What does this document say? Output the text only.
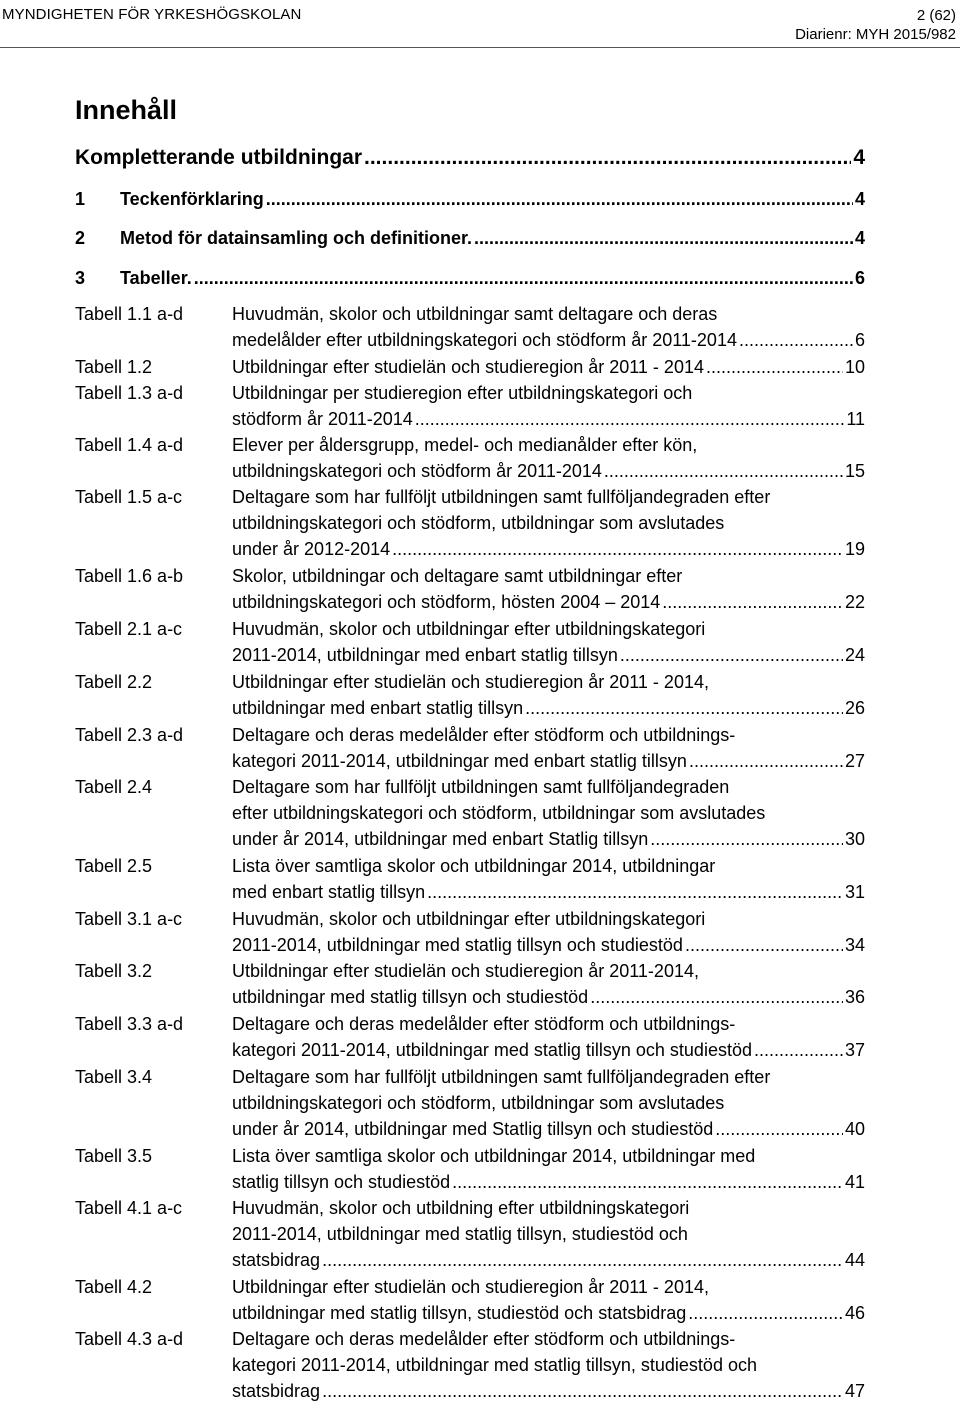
MYNDIGHETEN FÖR YRKESHÖGSKOLAN	2 (62)
Diarienr: MYH 2015/982
Innehåll
Kompletterande utbildningar .....	4
1 Teckenförklaring .....	4
2 Metod för datainsamling och definitioner. .....	4
3 Tabeller. .....	6
Tabell 1.1 a-d	Huvudmän, skolor och utbildningar samt deltagare och deras
medelålder efter utbildningskategori och stödform år 2011-2014 .....	6
Tabell 1.2	Utbildningar efter studielän och studieregion år 2011 - 2014 .....	10
Tabell 1.3 a-d	Utbildningar per studieregion efter utbildningskategori och
stödform år 2011-2014 .....	11
Tabell 1.4 a-d	Elever per åldersgrupp, medel- och medianålder efter kön,
utbildningskategori och stödform år 2011-2014 .....	15
Tabell 1.5 a-c	Deltagare som har fullföljt utbildningen samt fullföljandegraden efter
utbildningskategori och stödform, utbildningar som avslutades
under år 2012-2014 .....	19
Tabell 1.6 a-b	Skolor, utbildningar och deltagare samt utbildningar efter
utbildningskategori och stödform, hösten 2004 – 2014 .....	22
Tabell 2.1 a-c	Huvudmän, skolor och utbildningar efter utbildningskategori
2011-2014, utbildningar med enbart statlig tillsyn .....	24
Tabell 2.2	Utbildningar efter studielän och studieregion år 2011 - 2014,
utbildningar med enbart statlig tillsyn .....	26
Tabell 2.3 a-d	Deltagare och deras medelålder efter stödform och utbildnings-
kategori 2011-2014, utbildningar med enbart statlig tillsyn .....	27
Tabell 2.4	Deltagare som har fullföljt utbildningen samt fullföljandegraden
efter utbildningskategori och stödform, utbildningar som avslutades
under år 2014, utbildningar med enbart Statlig tillsyn .....	30
Tabell 2.5	Lista över samtliga skolor och utbildningar 2014, utbildningar
med enbart statlig tillsyn .....	31
Tabell 3.1 a-c	Huvudmän, skolor och utbildningar efter utbildningskategori
2011-2014, utbildningar med statlig tillsyn och studiestöd .....	34
Tabell 3.2	Utbildningar efter studielän och studieregion år 2011-2014,
utbildningar med statlig tillsyn och studiestöd .....	36
Tabell 3.3 a-d	Deltagare och deras medelålder efter stödform och utbildnings-
kategori 2011-2014, utbildningar med statlig tillsyn och studiestöd .....	37
Tabell 3.4	Deltagare som har fullföljt utbildningen samt fullföljandegraden efter
utbildningskategori och stödform, utbildningar som avslutades
under år 2014, utbildningar med Statlig tillsyn och studiestöd .....	40
Tabell 3.5	Lista över samtliga skolor och utbildningar 2014, utbildningar med
statlig tillsyn och studiestöd .....	41
Tabell 4.1 a-c	Huvudmän, skolor och utbildning efter utbildningskategori
2011-2014, utbildningar med statlig tillsyn, studiestöd och
statsbidrag .....	44
Tabell 4.2	Utbildningar efter studielän och studieregion år 2011 - 2014,
utbildningar med statlig tillsyn, studiestöd och statsbidrag .....	46
Tabell 4.3 a-d	Deltagare och deras medelålder efter stödform och utbildnings-
kategori 2011-2014, utbildningar med statlig tillsyn, studiestöd och
statsbidrag .....	47
